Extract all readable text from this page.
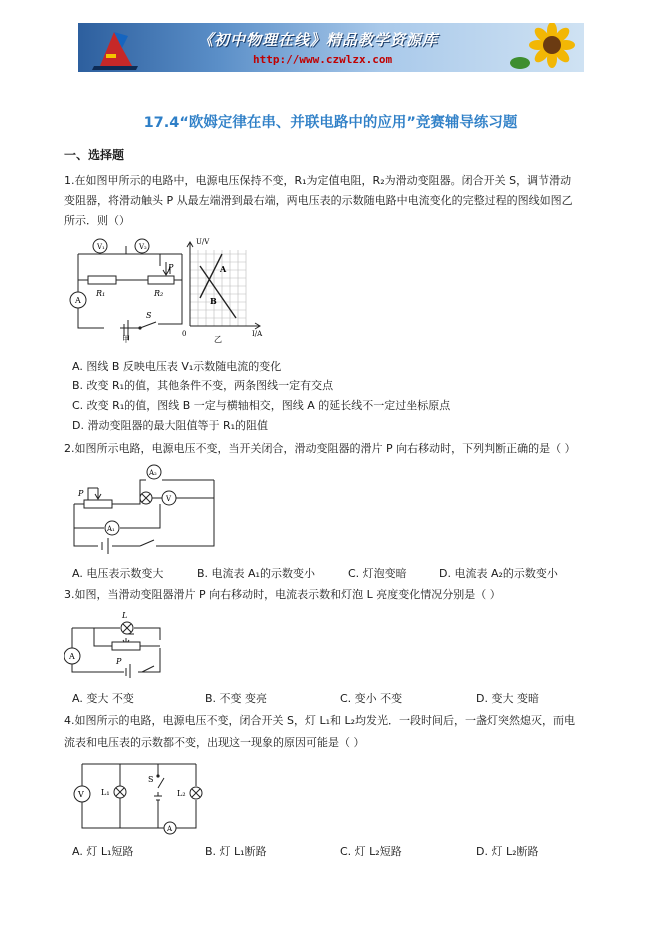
《初中物理在线》精品教学资源库
http://www.czwlzx.com
17.4“欧姆定律在串、并联电路中的应用”竞赛辅导练习题
一、选择题
1.在如图甲所示的电路中，电源电压保持不变，R₁为定值电阻，R₂为滑动变阻器。闭合开关 S，调节滑动
变阻器，将滑动触头 P 从最左端滑到最右端，两电压表的示数随电路中电流变化的完整过程的图线如图乙
所示．则（）
V₁	V₂
A
P
R₁	R₂
S
甲
U/V
I/A
0
A
B
乙
A. 图线 B 反映电压表 V₁示数随电流的变化
B. 改变 R₁的值，其他条件不变，两条图线一定有交点
C. 改变 R₁的值，图线 B 一定与横轴相交，图线 A 的延长线不一定过坐标原点
D. 滑动变阻器的最大阻值等于 R₁的阻值
2.如图所示电路，电源电压不变，当开关闭合，滑动变阻器的滑片 P 向右移动时，下列判断正确的是（ ）
A₂
A₁
V
P
A. 电压表示数变大	B. 电流表 A₁的示数变小	C. 灯泡变暗	D. 电流表 A₂的示数变小
3.如图，当滑动变阻器滑片 P 向右移动时，电流表示数和灯泡 L 亮度变化情况分别是（ ）
A
L
P
A. 变大 不变	B. 不变 变亮	C. 变小 不变	D. 变大 变暗
4.如图所示的电路，电源电压不变，闭合开关 S，灯 L₁和 L₂均发光．一段时间后，一盏灯突然熄灭，而电
流表和电压表的示数都不变，出现这一现象的原因可能是（ ）
V L₁	L₂
S
A
A. 灯 L₁短路	B. 灯 L₁断路	C. 灯 L₂短路	D. 灯 L₂断路
